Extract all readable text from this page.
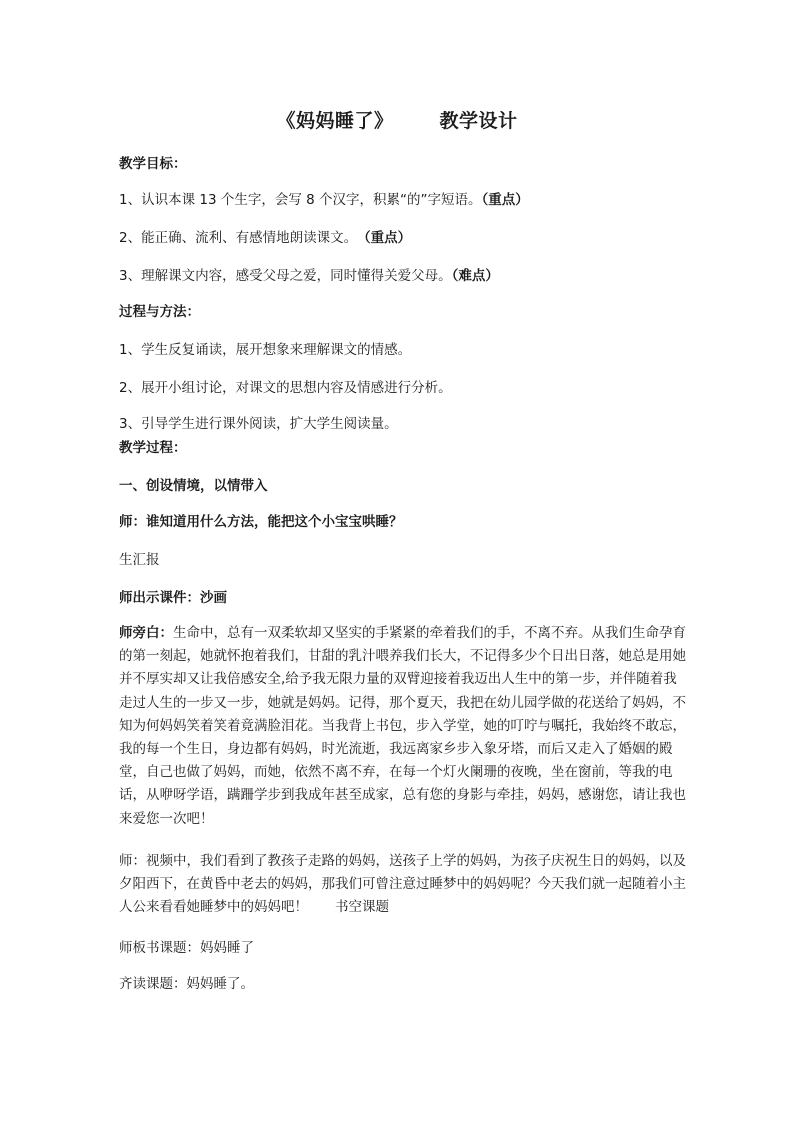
《妈妈睡了》 教学设计
教学目标：
1、认识本课 13 个生字，会写 8 个汉字，积累“的”字短语。（重点）
2、能正确、流利、有感情地朗读课文。　（重点）
3、理解课文内容，感受父母之爱，同时懂得关爱父母。（难点）
过程与方法：
1、学生反复诵读，展开想象来理解课文的情感。
2、展开小组讨论，对课文的思想内容及情感进行分析。
3、引导学生进行课外阅读，扩大学生阅读量。
教学过程：
一、创设情境，以情带入
师：谁知道用什么方法，能把这个小宝宝哄睡？
生汇报
师出示课件：沙画
师旁白：生命中，总有一双柔软却又坚实的手紧紧的牵着我们的手，不离不弃。从我们生命孕育的第一刻起，她就怀抱着我们，甘甜的乳汁喂养我们长大，不记得多少个日出日落，她总是用她并不厚实却又让我倍感安全,给予我无限力量的双臂迎接着我迈出人生中的第一步，并伴随着我走过人生的一步又一步，她就是妈妈。记得，那个夏天，我把在幼儿园学做的花送给了妈妈，不知为何妈妈笑着笑着竟满脸泪花。当我背上书包，步入学堂，她的叮咛与嘱托，我始终不敢忘，我的每一个生日，身边都有妈妈，时光流逝，我远离家乡步入象牙塔，而后又走入了婚姻的殿堂，自己也做了妈妈，而她，依然不离不弃，在每一个灯火阑珊的夜晚，坐在窗前，等我的电话，从咿呀学语，蹒跚学步到我成年甚至成家，总有您的身影与牵挂，妈妈，感谢您，请让我也来爱您一次吧！
师：视频中，我们看到了教孩子走路的妈妈，送孩子上学的妈妈，为孩子庆祝生日的妈妈，以及夕阳西下，在黄昏中老去的妈妈，那我们可曾注意过睡梦中的妈妈呢？今天我们就一起随着小主人公来看看她睡梦中的妈妈吧！　　书空课题
师板书课题：妈妈睡了
齐读课题：妈妈睡了。
